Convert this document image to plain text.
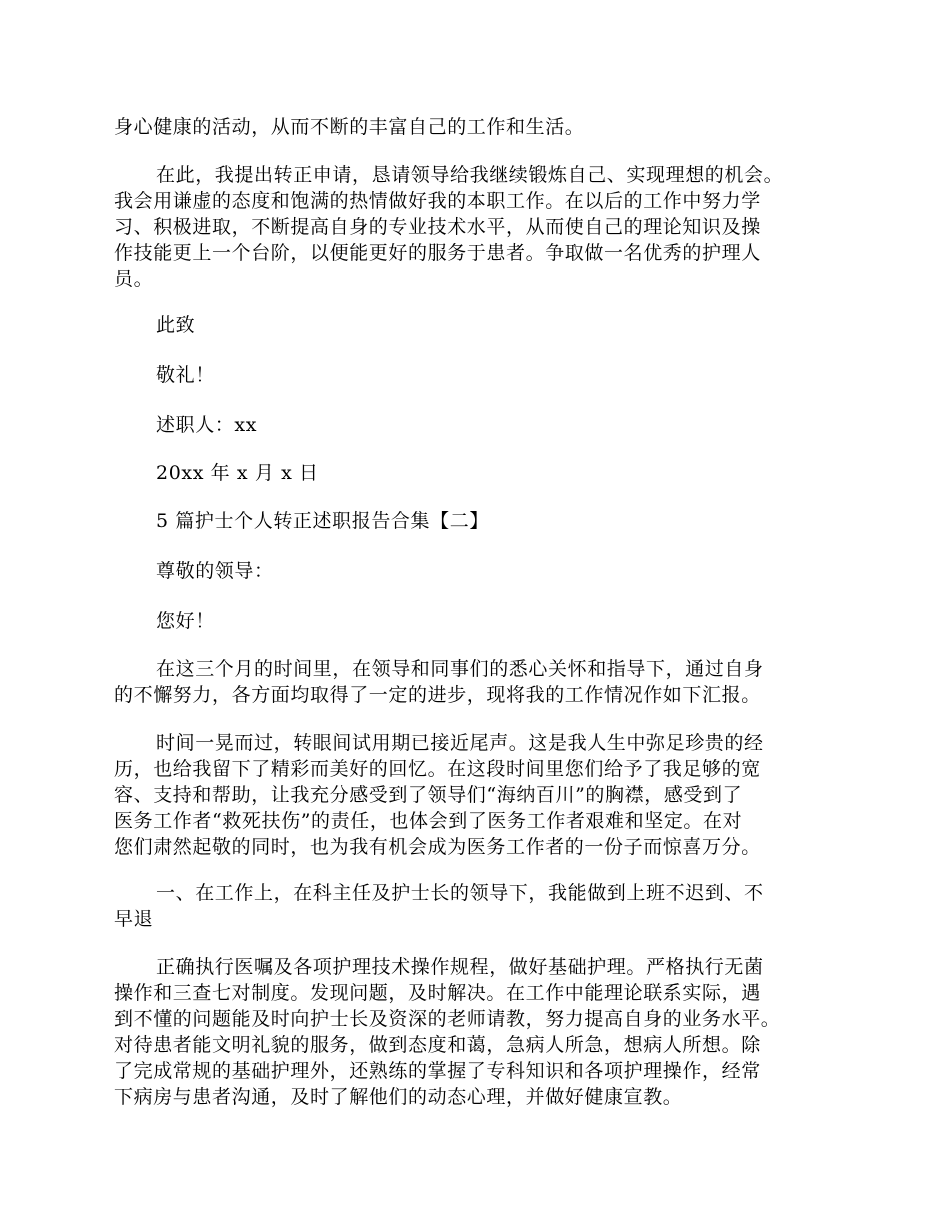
身心健康的活动，从而不断的丰富自己的工作和生活。
在此，我提出转正申请，恳请领导给我继续锻炼自己、实现理想的机会。
我会用谦虚的态度和饱满的热情做好我的本职工作。在以后的工作中努力学
习、积极进取，不断提高自身的专业技术水平，从而使自己的理论知识及操
作技能更上一个台阶，以便能更好的服务于患者。争取做一名优秀的护理人
员。
此致
敬礼！
述职人：xx
20xx 年 x 月 x 日
5 篇护士个人转正述职报告合集【二】
尊敬的领导：
您好！
在这三个月的时间里，在领导和同事们的悉心关怀和指导下，通过自身
的不懈努力，各方面均取得了一定的进步，现将我的工作情况作如下汇报。
时间一晃而过，转眼间试用期已接近尾声。这是我人生中弥足珍贵的经
历，也给我留下了精彩而美好的回忆。在这段时间里您们给予了我足够的宽
容、支持和帮助，让我充分感受到了领导们“海纳百川”的胸襟，感受到了
医务工作者“救死扶伤”的责任，也体会到了医务工作者艰难和坚定。在对
您们肃然起敬的同时，也为我有机会成为医务工作者的一份子而惊喜万分。
一、在工作上，在科主任及护士长的领导下，我能做到上班不迟到、不
早退
正确执行医嘱及各项护理技术操作规程，做好基础护理。严格执行无菌
操作和三查七对制度。发现问题，及时解决。在工作中能理论联系实际，遇
到不懂的问题能及时向护士长及资深的老师请教，努力提高自身的业务水平。
对待患者能文明礼貌的服务，做到态度和蔼，急病人所急，想病人所想。除
了完成常规的基础护理外，还熟练的掌握了专科知识和各项护理操作，经常
下病房与患者沟通，及时了解他们的动态心理，并做好健康宣教。
